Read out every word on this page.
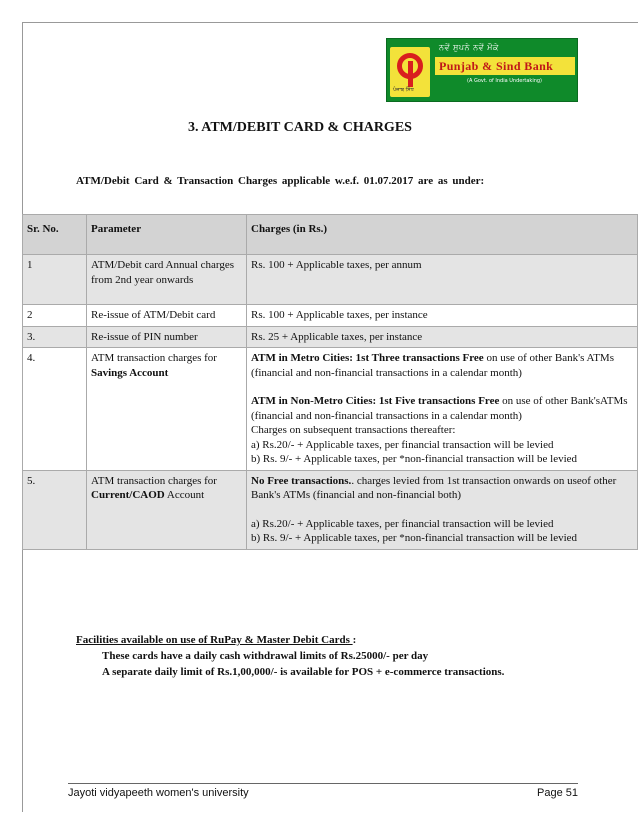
ਨਵੇਂ ਸੁਪਨੇ ਨਵੇਂ ਮੌਕੇ
ਪੰਜਾਬ ਸਿੰਧ
Punjab & Sind Bank
(A Govt. of India Undertaking)
3. ATM/DEBIT CARD & CHARGES
ATM/Debit Card & Transaction Charges applicable w.e.f. 01.07.2017 are as under:
Sr. No.	Parameter	Charges (in Rs.)
1	ATM/Debit card Annual charges from 2nd year onwards	Rs. 100 + Applicable taxes, per annum
2	Re-issue of ATM/Debit card	Rs. 100 + Applicable taxes, per instance
3.	Re-issue of PIN number	Rs. 25 + Applicable taxes, per instance
4.	ATM transaction charges for Savings Account	ATM in Metro Cities: 1st Three transactions Free on use of other Bank's ATMs (financial and non-financial transactions in a calendar month)
ATM in Non-Metro Cities: 1st Five transactions Free on use of other Bank'sATMs (financial and non-financial transactions in a calendar month)
Charges on subsequent transactions thereafter:
a) Rs.20/- + Applicable taxes, per financial transaction will be levied
b) Rs. 9/- + Applicable taxes, per *non-financial transaction will be levied

5.	ATM transaction charges for Current/CAOD Account	No Free transactions.. charges levied from 1st transaction onwards on useof other Bank's ATMs (financial and non-financial both)
a) Rs.20/- + Applicable taxes, per financial transaction will be levied
b) Rs. 9/- + Applicable taxes, per *non-financial transaction will be levied
Facilities available on use of RuPay & Master Debit Cards :
These cards have a daily cash withdrawal limits of Rs.25000/- per day
A separate daily limit of Rs.1,00,000/- is available for POS + e-commerce transactions.
Jayoti vidyapeeth women's university	Page 51
